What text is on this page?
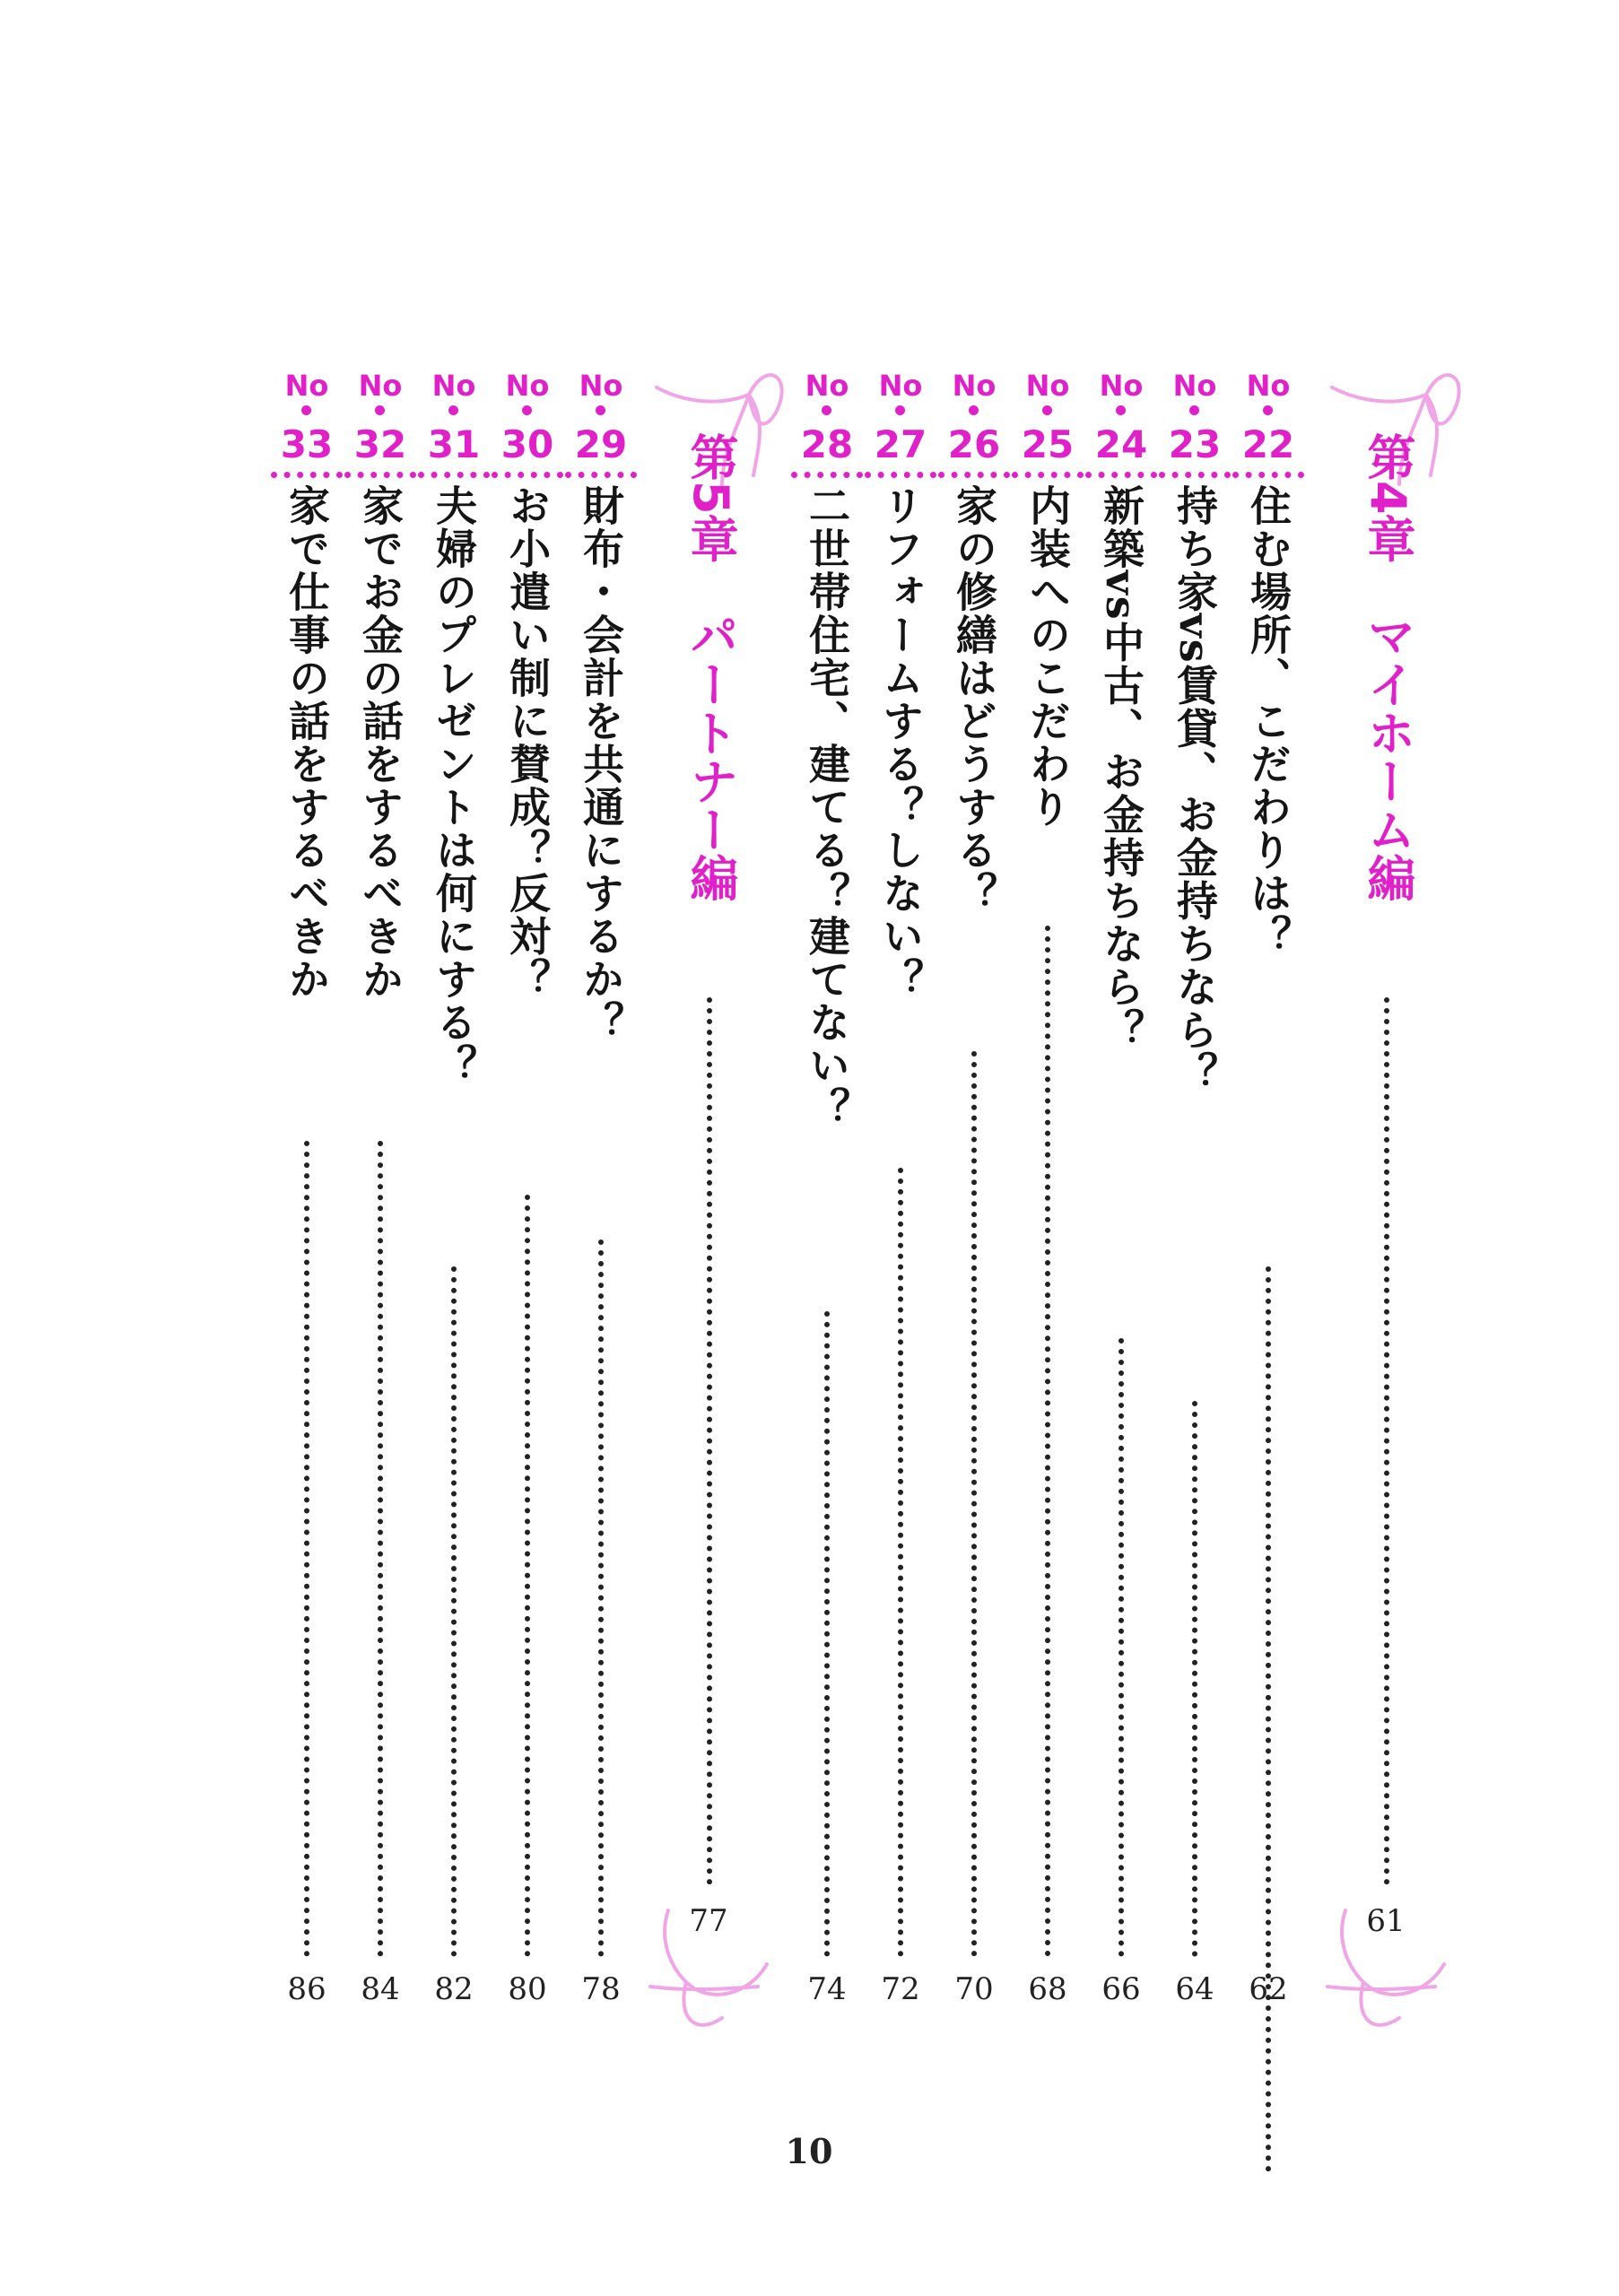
第4章　マイホーム編
61
第5章　パートナー編
77
No
22
住む場所、こだわりは？
62
No
23
持ち家vs賃貸、お金持ちなら？
64
No
24
新築vs中古、お金持ちなら？
66
No
25
内装へのこだわり
68
No
26
家の修繕はどうする？
70
No
27
リフォームする？しない？
72
No
28
二世帯住宅、建てる？建てない？
74
No
29
財布・会計を共通にするか？
78
No
30
お小遣い制に賛成？反対？
80
No
31
夫婦のプレゼントは何にする？
82
No
32
家でお金の話をするべきか
84
No
33
家で仕事の話をするべきか
86
10
